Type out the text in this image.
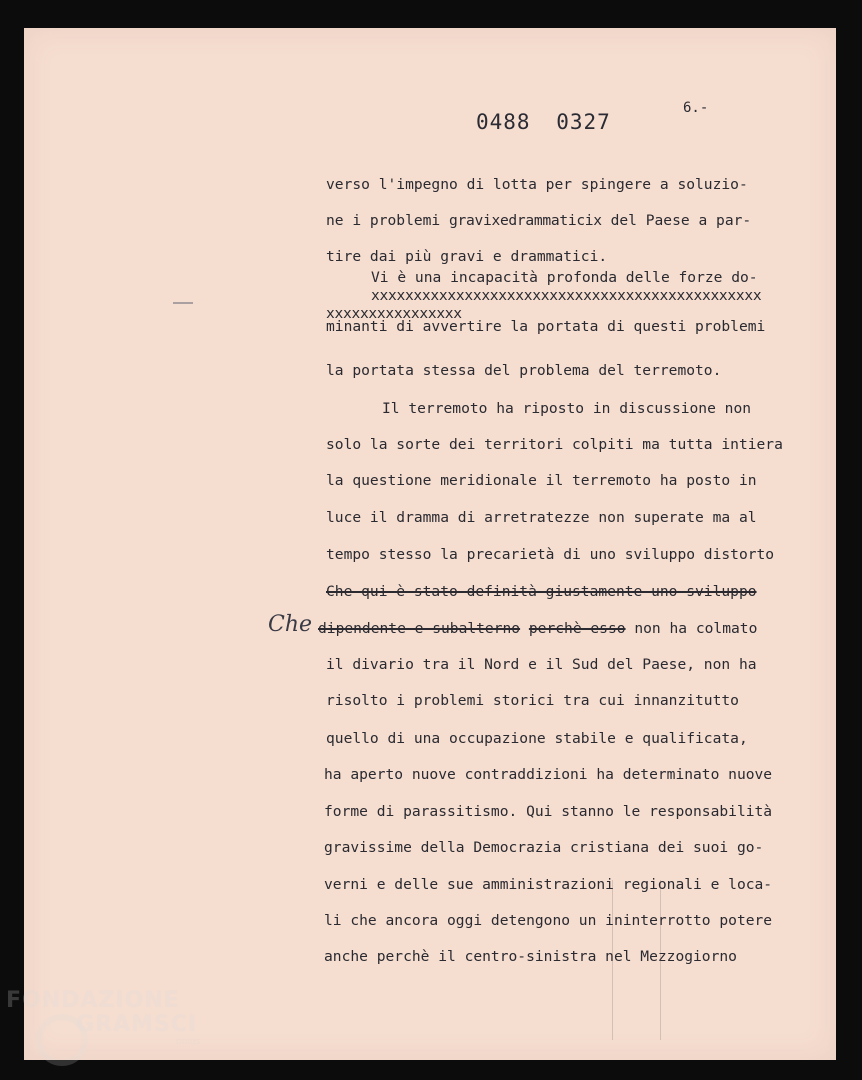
0488 0327
6.-
verso l'impegno di lotta per spingere a soluzio-
ne i problemi gravixedrammaticix del Paese a par-
tire dai più gravi e drammatici.
Vi è una incapacità profonda delle forze do-
xxxxxxxxxxxxxxxxxxxxxxxxxxxxxxxxxxxxxxxxxxxxxx
xxxxxxxxxxxxxxxx
minanti di avvertire la portata di questi problemi
la portata stessa del problema del terremoto.
Il terremoto ha riposto in discussione non
solo la sorte dei territori colpiti ma tutta intiera
la questione meridionale il terremoto ha posto in
luce il dramma di arretratezze non superate ma al
tempo stesso la precarietà di uno sviluppo distorto
Che qui è stato definità giustamente uno sviluppo
Che dipendente e subalterno perchè esso non ha colmato
il divario tra il Nord e il Sud del Paese, non ha
risolto i problemi storici tra cui innanzitutto
quello di una occupazione stabile e qualificata,
ha aperto nuove contraddizioni ha determinato nuove
forme di parassitismo. Qui stanno le responsabilità
gravissime della Democrazia cristiana dei suoi go-
verni e delle sue amministrazioni regionali e loca-
li che ancora oggi detengono un ininterrotto potere
anche perchè il centro-sinistra nel Mezzogiorno
FONDAZIONE
GRAMSCI
onlus
